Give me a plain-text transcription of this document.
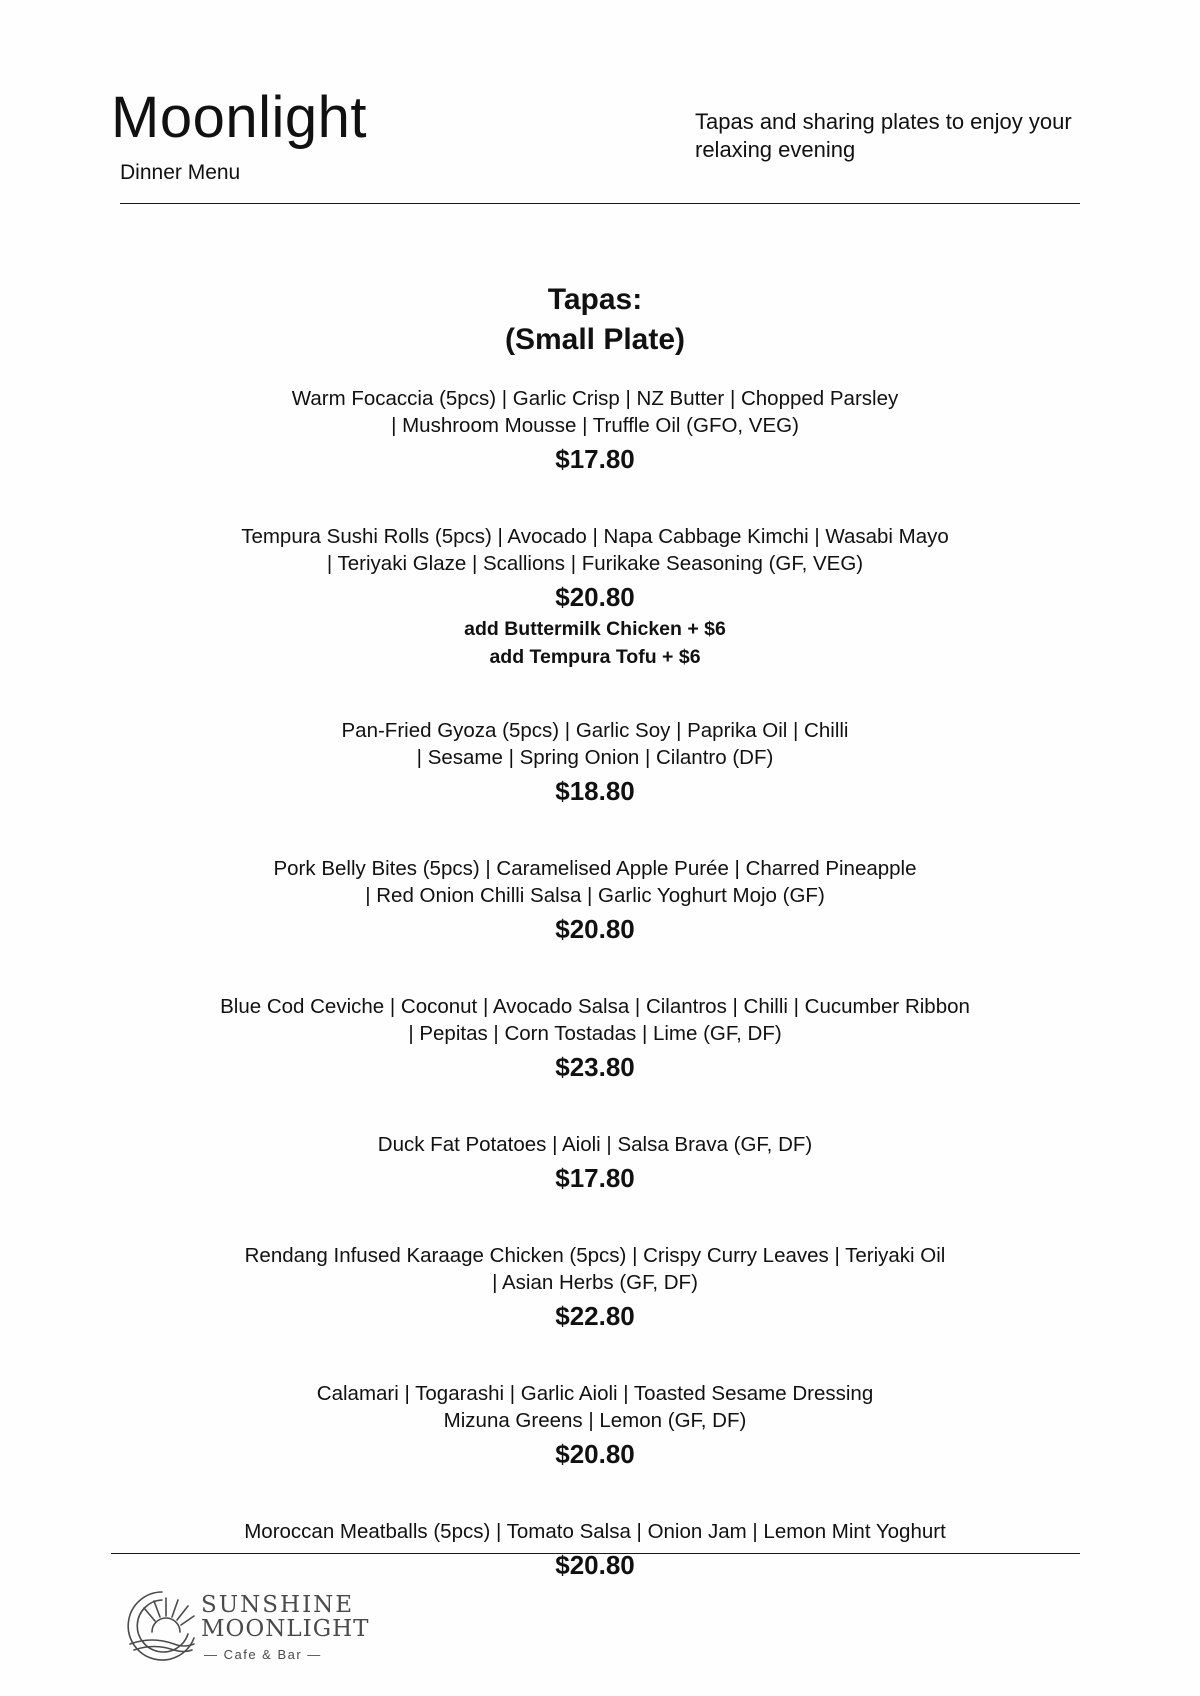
Moonlight
Dinner Menu
Tapas and sharing plates to enjoy your relaxing evening
Tapas:
(Small Plate)
Warm Focaccia (5pcs) | Garlic Crisp | NZ Butter | Chopped Parsley
| Mushroom Mousse | Truffle Oil (GFO, VEG)
$17.80
Tempura Sushi Rolls (5pcs) | Avocado | Napa Cabbage Kimchi | Wasabi Mayo
| Teriyaki Glaze | Scallions | Furikake Seasoning (GF, VEG)
$20.80
add Buttermilk Chicken + $6
add Tempura Tofu + $6
Pan-Fried Gyoza (5pcs) | Garlic Soy | Paprika Oil | Chilli
| Sesame | Spring Onion | Cilantro (DF)
$18.80
Pork Belly Bites (5pcs) | Caramelised Apple Purée | Charred Pineapple
| Red Onion Chilli Salsa | Garlic Yoghurt Mojo (GF)
$20.80
Blue Cod Ceviche | Coconut | Avocado Salsa | Cilantros | Chilli | Cucumber Ribbon
| Pepitas | Corn Tostadas | Lime (GF, DF)
$23.80
Duck Fat Potatoes | Aioli | Salsa Brava (GF, DF)
$17.80
Rendang Infused Karaage Chicken (5pcs) | Crispy Curry Leaves | Teriyaki Oil
| Asian Herbs (GF, DF)
$22.80
Calamari | Togarashi | Garlic Aioli | Toasted Sesame Dressing
Mizuna Greens | Lemon (GF, DF)
$20.80
Moroccan Meatballs (5pcs) | Tomato Salsa | Onion Jam | Lemon Mint Yoghurt
$20.80
SUNSHINE
MOONLIGHT
— Cafe & Bar —
